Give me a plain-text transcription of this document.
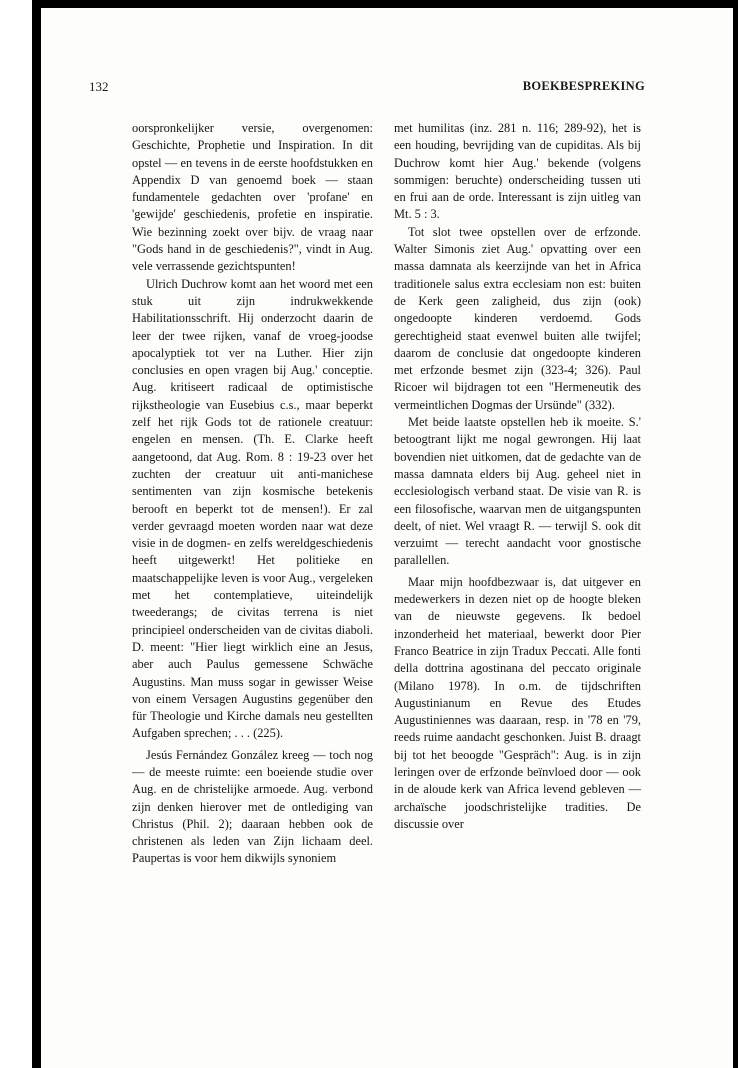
132	BOEKBESPREKING

oorspronkelijker versie, overgenomen: Geschichte, Prophetie und Inspiration. In dit opstel — en tevens in de eerste hoofdstukken en Appendix D van genoemd boek — staan fundamentele gedachten over 'profane' en 'gewijde' geschiedenis, profetie en inspiratie. Wie bezinning zoekt over bijv. de vraag naar "Gods hand in de geschiedenis?", vindt in Aug. vele verrassende gezichtspunten!

Ulrich Duchrow komt aan het woord met een stuk uit zijn indrukwekkende Habilitationsschrift. Hij onderzocht daarin de leer der twee rijken, vanaf de vroeg-joodse apocalyptiek tot ver na Luther. Hier zijn conclusies en open vragen bij Aug.' conceptie. Aug. kritiseert radicaal de optimistische rijkstheologie van Eusebius c.s., maar beperkt zelf het rijk Gods tot de rationele creatuur: engelen en mensen. (Th. E. Clarke heeft aangetoond, dat Aug. Rom. 8 : 19-23 over het zuchten der creatuur uit anti-manichese sentimenten van zijn kosmische betekenis berooft en beperkt tot de mensen!). Er zal verder gevraagd moeten worden naar wat deze visie in de dogmen- en zelfs wereldgeschiedenis heeft uitgewerkt! Het politieke en maatschappelijke leven is voor Aug., vergeleken met het contemplatieve, uiteindelijk tweederangs; de civitas terrena is niet principieel onderscheiden van de civitas diaboli. D. meent: "Hier liegt wirklich eine an Jesus, aber auch Paulus gemessene Schwäche Augustins. Man muss sogar in gewisser Weise von einem Versagen Augustins gegenüber den für Theologie und Kirche damals neu gestellten Aufgaben sprechen; . . . (225).

Jesús Fernández González kreeg — toch nog — de meeste ruimte: een boeiende studie over Aug. en de christelijke armoede. Aug. verbond zijn denken hierover met de ontlediging van Christus (Phil. 2); daaraan hebben ook de christenen als leden van Zijn lichaam deel. Paupertas is voor hem dikwijls synoniem

met humilitas (inz. 281 n. 116; 289-92), het is een houding, bevrijding van de cupiditas. Als bij Duchrow komt hier Aug.' bekende (volgens sommigen: beruchte) onderscheiding tussen uti en frui aan de orde. Interessant is zijn uitleg van Mt. 5 : 3.

Tot slot twee opstellen over de erfzonde. Walter Simonis ziet Aug.' opvatting over een massa damnata als keerzijnde van het in Africa traditionele salus extra ecclesiam non est: buiten de Kerk geen zaligheid, dus zijn (ook) ongedoopte kinderen verdoemd. Gods gerechtigheid staat evenwel buiten alle twijfel; daarom de conclusie dat ongedoopte kinderen met erfzonde besmet zijn (323-4; 326). Paul Ricoer wil bijdragen tot een "Hermeneutik des vermeintlichen Dogmas der Ursünde" (332).

Met beide laatste opstellen heb ik moeite. S.' betoogtrant lijkt me nogal gewrongen. Hij laat bovendien niet uitkomen, dat de gedachte van de massa damnata elders bij Aug. geheel niet in ecclesiologisch verband staat. De visie van R. is een filosofische, waarvan men de uitgangspunten deelt, of niet. Wel vraagt R. — terwijl S. ook dit verzuimt — terecht aandacht voor gnostische parallellen.

Maar mijn hoofdbezwaar is, dat uitgever en medewerkers in dezen niet op de hoogte bleken van de nieuwste gegevens. Ik bedoel inzonderheid het materiaal, bewerkt door Pier Franco Beatrice in zijn Tradux Peccati. Alle fonti della dottrina agostinana del peccato originale (Milano 1978). In o.m. de tijdschriften Augustinianum en Revue des Etudes Augustiniennes was daaraan, resp. in '78 en '79, reeds ruime aandacht geschonken. Juist B. draagt bij tot het beoogde "Gespräch": Aug. is in zijn leringen over de erfzonde beïnvloed door — ook in de aloude kerk van Africa levend gebleven — archaïsche joodschristelijke tradities. De discussie over
